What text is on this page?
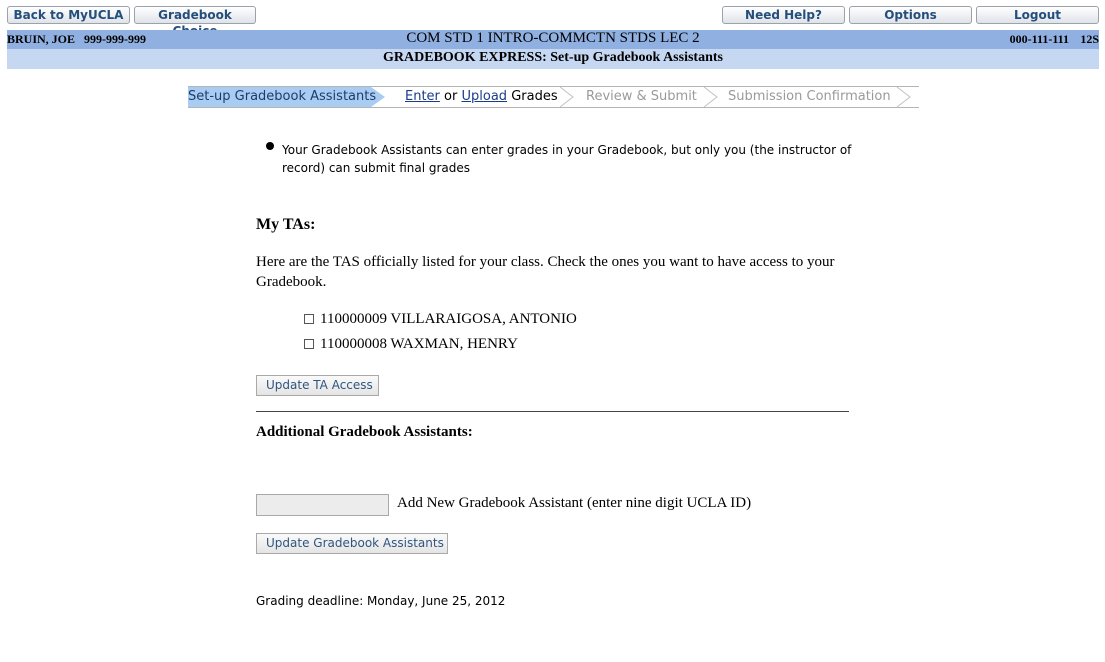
Back to MyUCLA	Gradebook	Need Help?	Options	Logout
BRUIN, JOE   999-999-999	COM STD 1 INTRO-COMMCTN STDS LEC 2	000-111-111 12S
GRADEBOOK EXPRESS: Set-up Gradebook Assistants
Set-up Gradebook Assistants Enter or Upload Grades Review & Submit Submission Confirmation
Your Gradebook Assistants can enter grades in your Gradebook, but only you (the instructor of
record) can submit final grades
My TAs:
Here are the TAS officially listed for your class. Check the ones you want to have access to your
Gradebook.
110000009 VILLARAIGOSA, ANTONIO
110000008 WAXMAN, HENRY
Update TA Access
Additional Gradebook Assistants:
Add New Gradebook Assistant (enter nine digit UCLA ID)
Update Gradebook Assistants
Grading deadline: Monday, June 25, 2012
